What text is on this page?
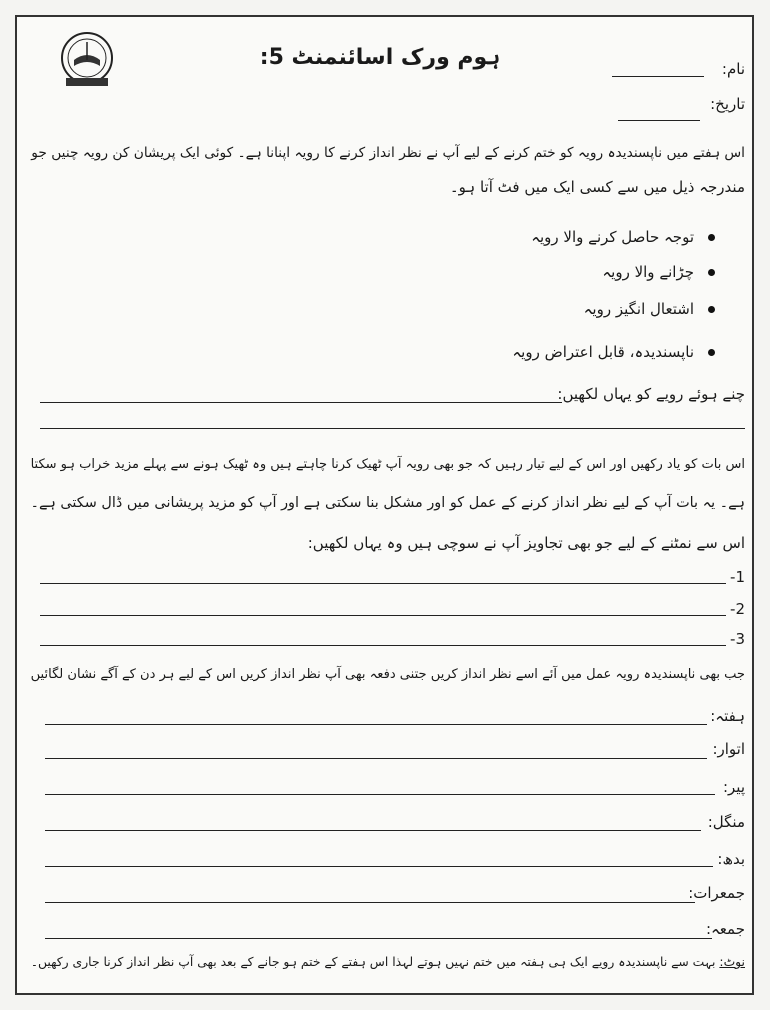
ہوم ورک اسائنمنٹ 5:	نام:
تاریخ:
اس ہفتے میں ناپسندیدہ رویہ کو ختم کرنے کے لیے آپ نے نظر انداز کرنے کا رویہ اپنانا ہے۔ کوئی ایک پریشان کن رویہ چنیں جو
مندرجہ ذیل میں سے کسی ایک میں فٹ آتا ہو۔
توجہ حاصل کرنے والا رویہ
چڑانے والا رویہ
اشتعال انگیز رویہ
ناپسندیدہ، قابل اعتراض رویہ
چنے ہوئے رویے کو یہاں لکھیں:
اس بات کو یاد رکھیں اور اس کے لیے تیار رہیں کہ جو بھی رویہ آپ ٹھیک کرنا چاہتے ہیں وہ ٹھیک ہونے سے پہلے مزید خراب ہو سکتا
ہے۔ یہ بات آپ کے لیے نظر انداز کرنے کے عمل کو اور مشکل بنا سکتی ہے اور آپ کو مزید پریشانی میں ڈال سکتی ہے۔
اس سے نمٹنے کے لیے جو بھی تجاویز آپ نے سوچی ہیں وہ یہاں لکھیں:
1-
2-
3-
جب بھی ناپسندیدہ رویہ عمل میں آئے اسے نظر انداز کریں جتنی دفعہ بھی آپ نظر انداز کریں اس کے لیے ہر دن کے آگے نشان لگائیں
ہفتہ:
اتوار:
پیر:
منگل:
بدھ:
جمعرات:
جمعہ:
نوٹ: بہت سے ناپسندیدہ رویے ایک ہی ہفتہ میں ختم نہیں ہوتے لہذا اس ہفتے کے ختم ہو جانے کے بعد بھی آپ نظر انداز کرنا جاری رکھیں۔
